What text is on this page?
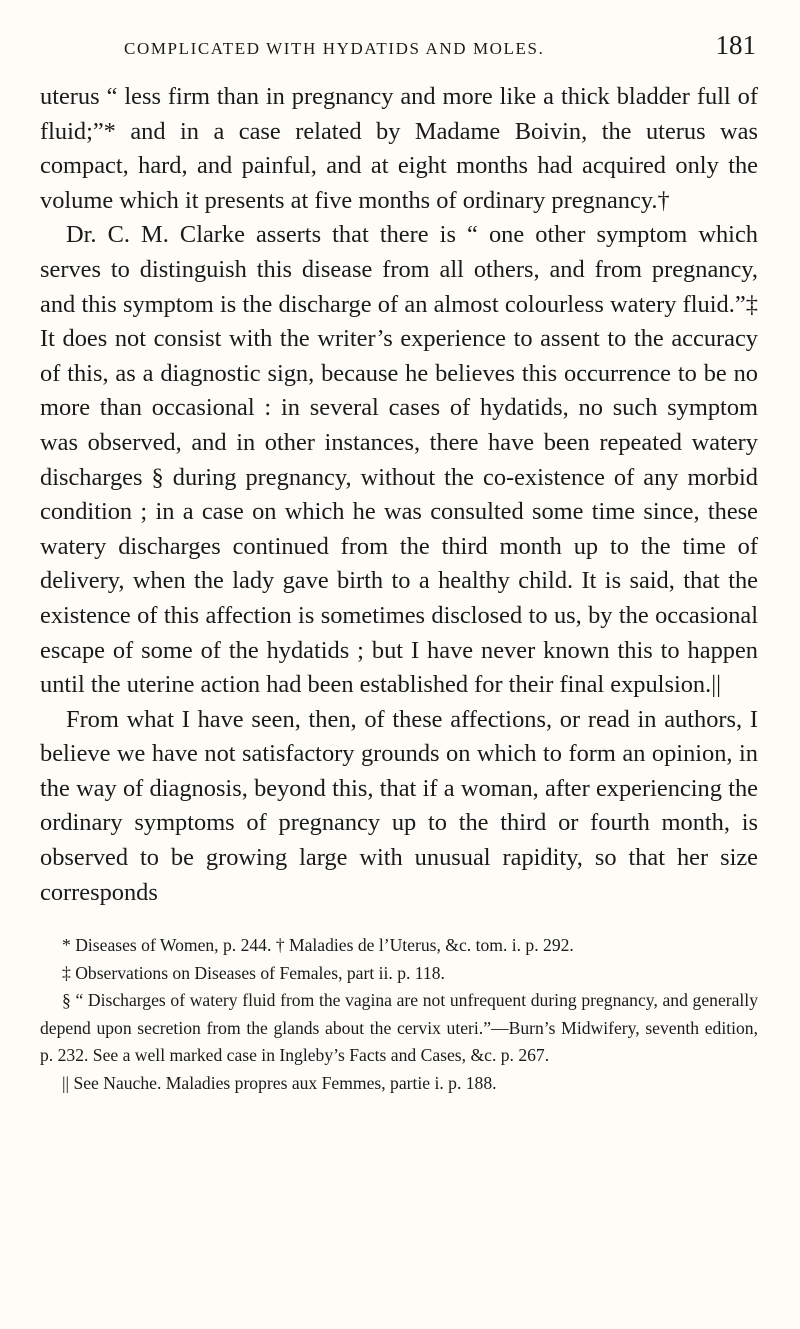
COMPLICATED WITH HYDATIDS AND MOLES.	181

uterus “ less firm than in pregnancy and more like a thick bladder full of fluid;”* and in a case related by Madame Boivin, the uterus was compact, hard, and painful, and at eight months had acquired only the volume which it presents at five months of ordinary pregnancy.†

Dr. C. M. Clarke asserts that there is “ one other symptom which serves to distinguish this disease from all others, and from pregnancy, and this symptom is the discharge of an almost colourless watery fluid.”‡ It does not consist with the writer’s experience to assent to the accuracy of this, as a diagnostic sign, because he believes this occurrence to be no more than occasional : in several cases of hydatids, no such symptom was observed, and in other instances, there have been repeated watery discharges § during pregnancy, without the co-existence of any morbid condition ; in a case on which he was consulted some time since, these watery discharges continued from the third month up to the time of delivery, when the lady gave birth to a healthy child. It is said, that the existence of this affection is sometimes disclosed to us, by the occasional escape of some of the hydatids ; but I have never known this to happen until the uterine action had been established for their final expulsion.||

From what I have seen, then, of these affections, or read in authors, I believe we have not satisfactory grounds on which to form an opinion, in the way of diagnosis, beyond this, that if a woman, after experiencing the ordinary symptoms of pregnancy up to the third or fourth month, is observed to be growing large with unusual rapidity, so that her size corresponds

* Diseases of Women, p. 244. † Maladies de l’Uterus, &c. tom. i. p. 292.

‡ Observations on Diseases of Females, part ii. p. 118.

§ “ Discharges of watery fluid from the vagina are not unfrequent during pregnancy, and generally depend upon secretion from the glands about the cervix uteri.”—Burn’s Midwifery, seventh edition, p. 232. See a well marked case in Ingleby’s Facts and Cases, &c. p. 267.

|| See Nauche. Maladies propres aux Femmes, partie i. p. 188.
